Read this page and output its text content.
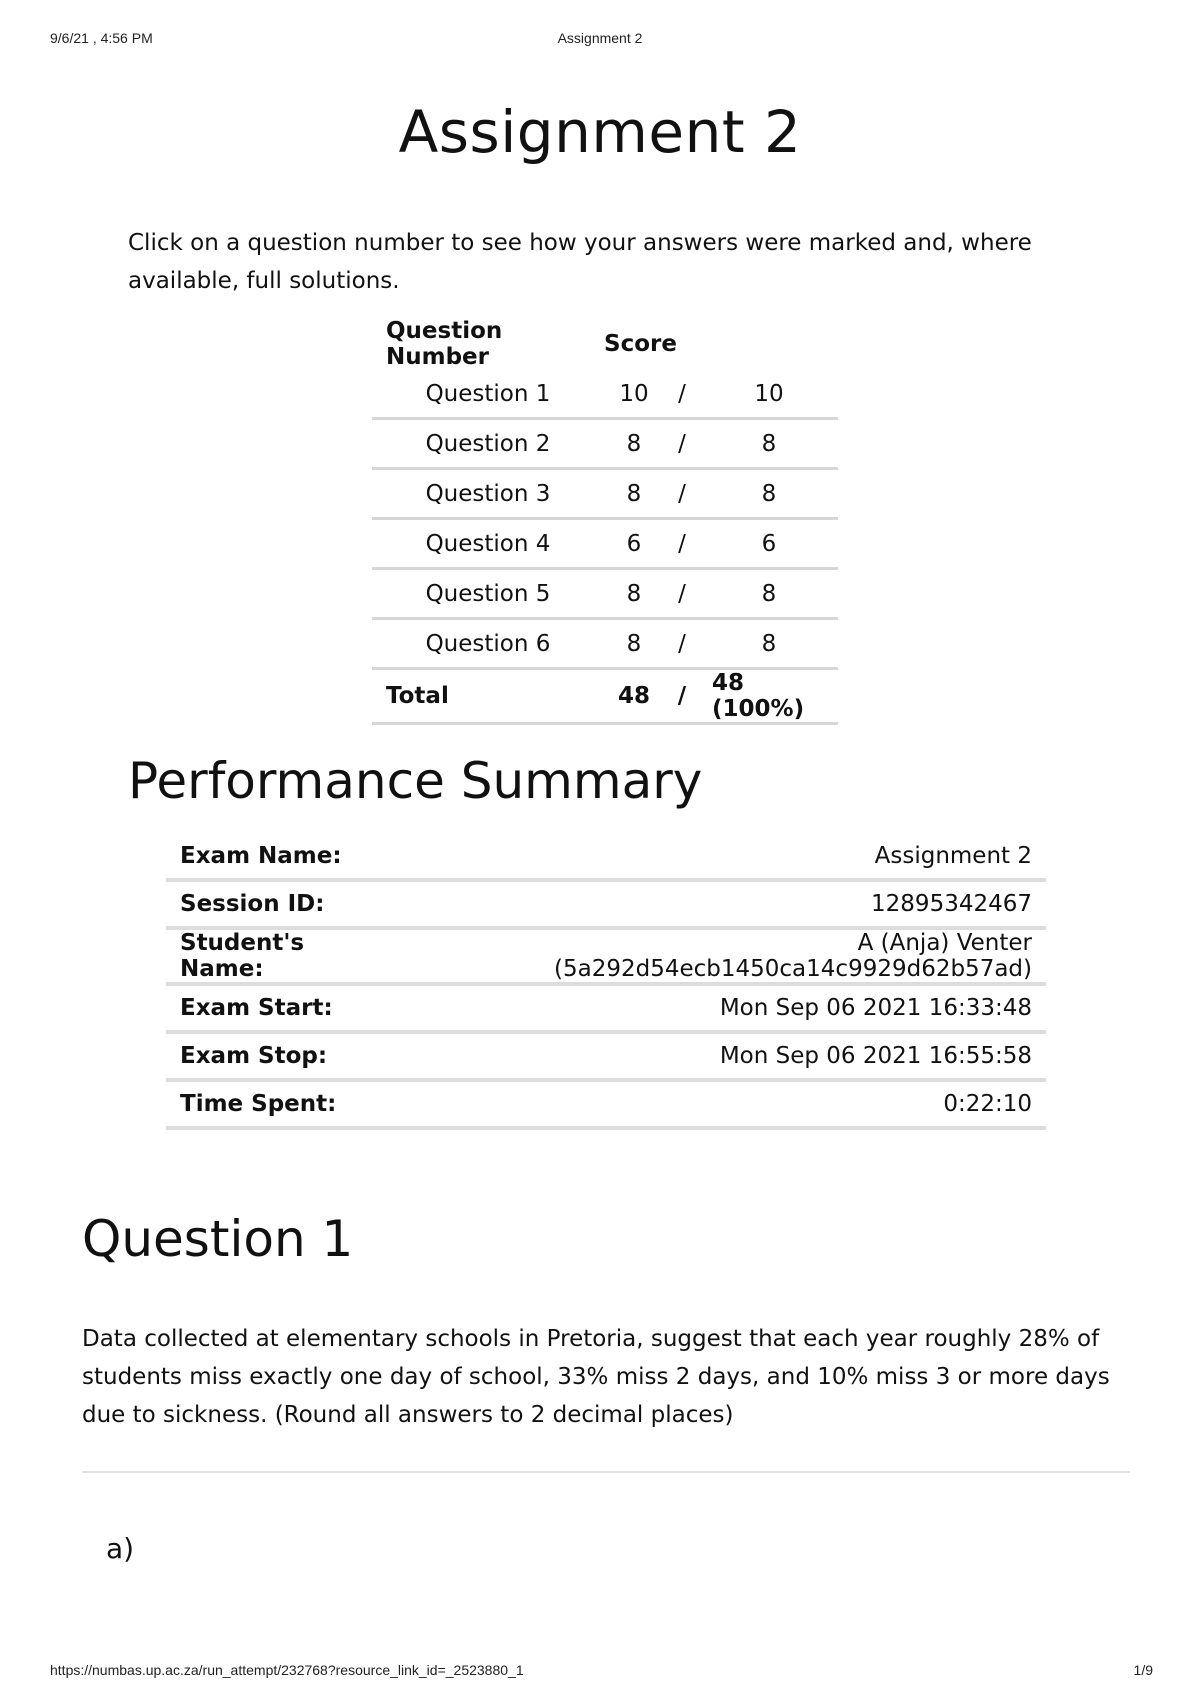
9/6/21 , 4:56 PM	Assignment 2
Assignment 2
Click on a question number to see how your answers were marked and, where available, full solutions.
Question Number	Score		
Question 1	10	/	10
Question 2	8	/	8
Question 3	8	/	8
Question 4	6	/	6
Question 5	8	/	8
Question 6	8	/	8
Total	48	/	48 (100%)
Performance Summary
Exam Name:	Assignment 2
Session ID:	12895342467
Student's Name:	A (Anja) Venter (5a292d54ecb1450ca14c9929d62b57ad)
Exam Start:	Mon Sep 06 2021 16:33:48
Exam Stop:	Mon Sep 06 2021 16:55:58
Time Spent:	0:22:10
Question 1
Data collected at elementary schools in Pretoria, suggest that each year roughly 28% of students miss exactly one day of school, 33% miss 2 days, and 10% miss 3 or more days due to sickness. (Round all answers to 2 decimal places)
a)
https://numbas.up.ac.za/run_attempt/232768?resource_link_id=_2523880_1	1/9
